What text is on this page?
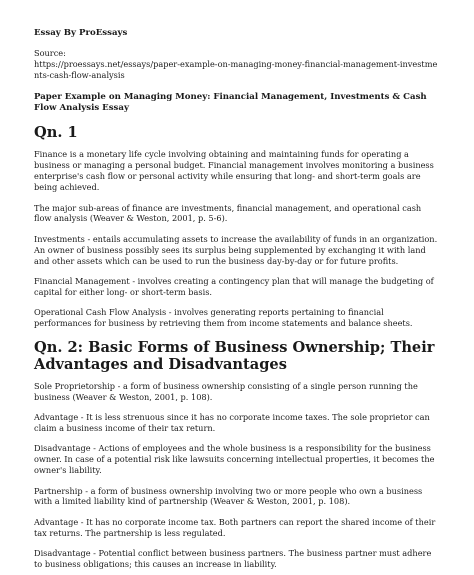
Essay By ProEssays
Source:
https://proessays.net/essays/paper-example-on-managing-money-financial-management-investments-cash-flow-analysis
Paper Example on Managing Money: Financial Management, Investments & Cash Flow Analysis Essay
Qn. 1

Finance is a monetary life cycle involving obtaining and maintaining funds for operating a business or managing a personal budget. Financial management involves monitoring a business enterprise's cash flow or personal activity while ensuring that long- and short-term goals are being achieved.

The major sub-areas of finance are investments, financial management, and operational cash flow analysis (Weaver & Weston, 2001, p. 5-6).

Investments - entails accumulating assets to increase the availability of funds in an organization. An owner of business possibly sees its surplus being supplemented by exchanging it with land and other assets which can be used to run the business day-by-day or for future profits.

Financial Management - involves creating a contingency plan that will manage the budgeting of capital for either long- or short-term basis.

Operational Cash Flow Analysis - involves generating reports pertaining to financial performances for business by retrieving them from income statements and balance sheets.

Qn. 2: Basic Forms of Business Ownership; Their Advantages and Disadvantages

Sole Proprietorship - a form of business ownership consisting of a single person running the business (Weaver & Weston, 2001, p. 108).

Advantage - It is less strenuous since it has no corporate income taxes. The sole proprietor can claim a business income of their tax return.

Disadvantage - Actions of employees and the whole business is a responsibility for the business owner. In case of a potential risk like lawsuits concerning intellectual properties, it becomes the owner's liability.

Partnership - a form of business ownership involving two or more people who own a business with a limited liability kind of partnership (Weaver & Weston, 2001, p. 108).

Advantage - It has no corporate income tax. Both partners can report the shared income of their tax returns. The partnership is less regulated.

Disadvantage - Potential conflict between business partners. The business partner must adhere to business obligations; this causes an increase in liability.
